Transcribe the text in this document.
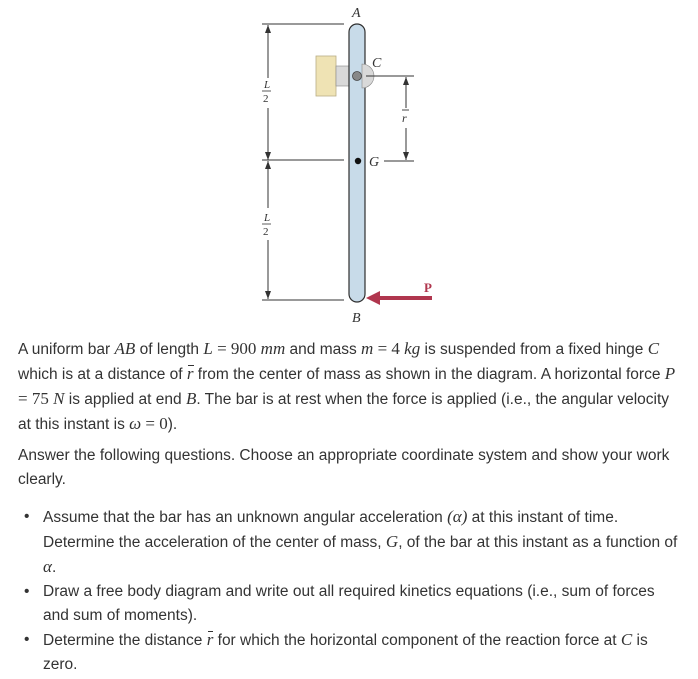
L
2
L
2
A
B
C
G
r
P
A uniform bar AB of length L = 900 mm and mass m = 4 kg is suspended from a fixed hinge C which is at a distance of r from the center of mass as shown in the diagram. A horizontal force P = 75 N is applied at end B. The bar is at rest when the force is applied (i.e., the angular velocity at this instant is ω = 0).
Answer the following questions. Choose an appropriate coordinate system and show your work clearly.
• Assume that the bar has an unknown angular acceleration (α) at this instant of time. Determine the acceleration of the center of mass, G, of the bar at this instant as a function of α.
• Draw a free body diagram and write out all required kinetics equations (i.e., sum of forces and sum of moments).
• Determine the distance r for which the horizontal component of the reaction force at C is zero.
